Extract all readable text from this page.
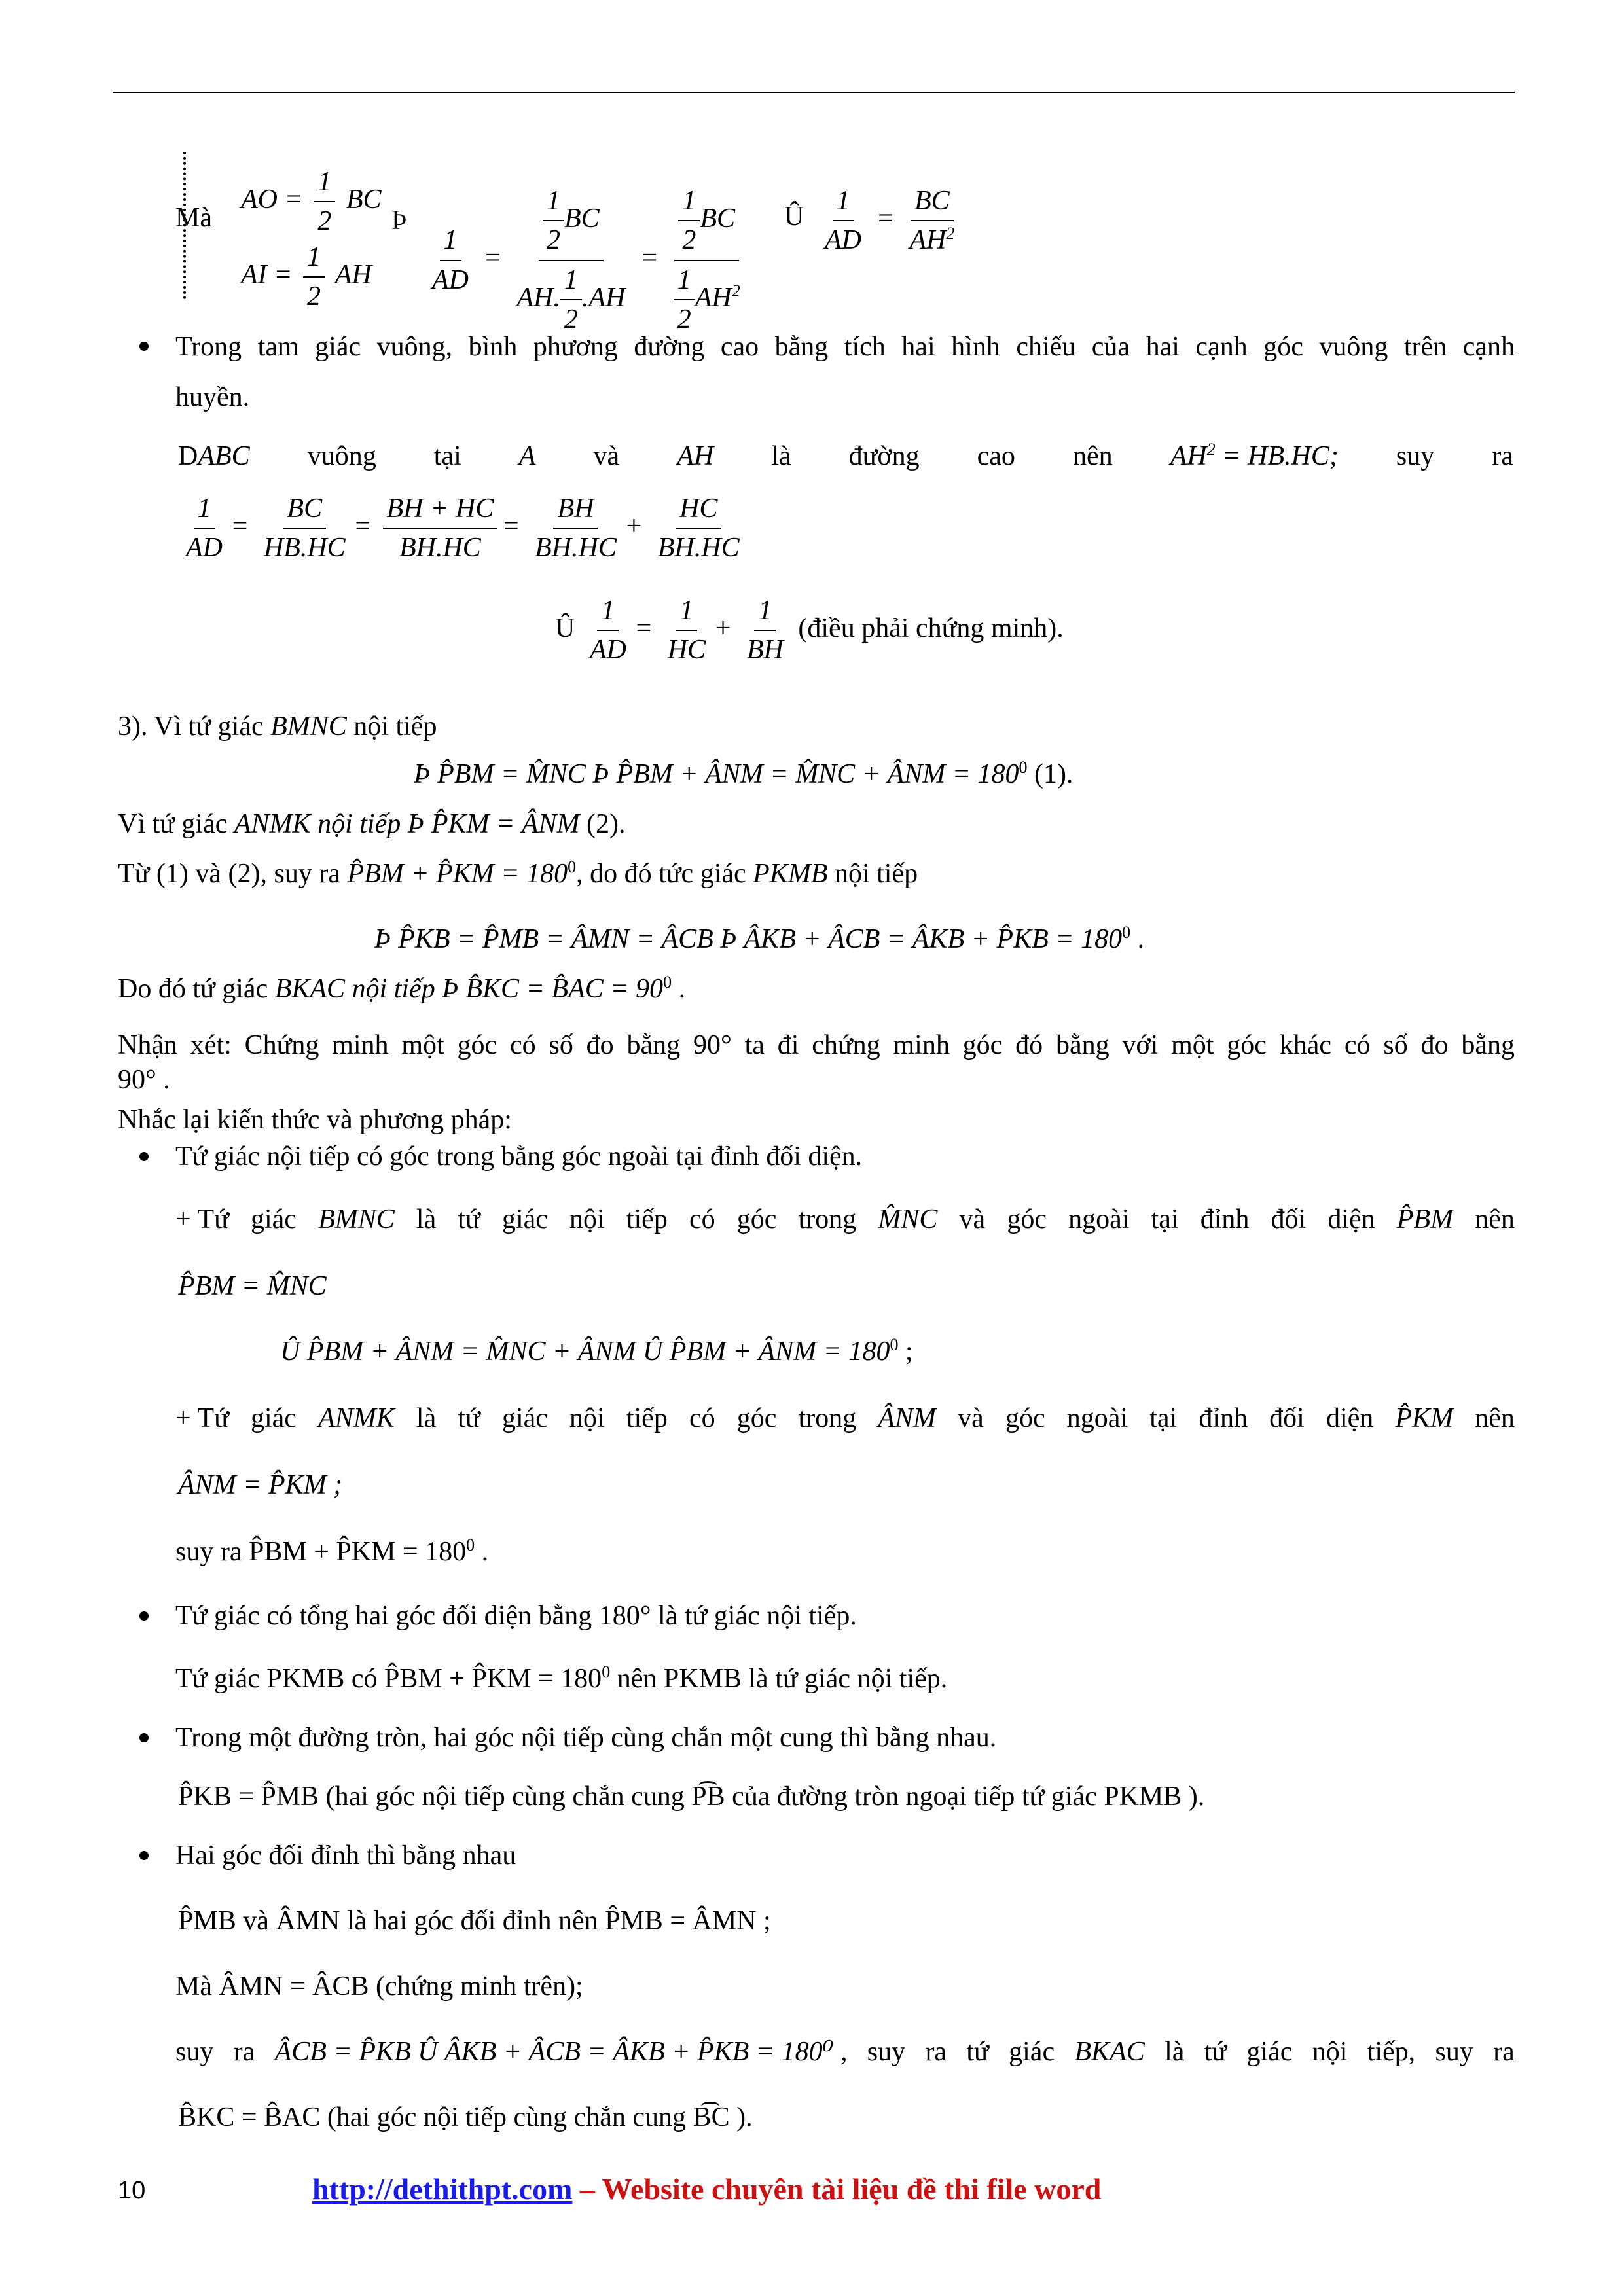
Mà
AO = $\frac{1}{2}$ BC
AI = $\frac{1}{2}$ AH
Þ
$\frac{1}{AD} = \frac{\frac{1}{2} BC}{AH. \frac{1}{2} .AH} = \frac{\frac{1}{2} BC}{\frac{1}{2} AH^2}$ Û $\frac{1}{AD} = \frac{BC}{AH^2}$
Trong tam giác vuông, bình phương đường cao bằng tích hai hình chiếu của hai cạnh góc vuông trên cạnh
huyền.
DABC vuông tại A và AH là đường cao nên $AH^2 = HB.HC$; suy ra
$\frac{1}{AD} = \frac{BC}{HB.HC} = \frac{BH + HC}{BH.HC} = \frac{BH}{BH.HC} + \frac{HC}{BH.HC}$
Û $\frac{1}{AD} = \frac{1}{HC} + \frac{1}{BH}$ (điều phải chứng minh).
3). Vì tứ giác BMNC nội tiếp
Þ P̂BM = M̂NC Þ P̂BM + ÂNM = M̂NC + ÂNM = $180^0$ (1).
Vì tứ giác ANMK nội tiếp Þ P̂KM = ÂNM (2).
Từ (1) và (2), suy ra P̂BM + P̂KM = $180^0$, do đó tức giác PKMB nội tiếp
Þ P̂KB = P̂MB = ÂMN = ÂCB Þ ÂKB + ÂCB = ÂKB + P̂KB = $180^0$ .
Do đó tứ giác BKAC nội tiếp Þ B̂KC = B̂AC = $90^0$ .
Nhận xét: Chứng minh một góc có số đo bằng 90° ta đi chứng minh góc đó bằng với một góc khác có số đo bằng
90° .
Nhắc lại kiến thức và phương pháp:
Tứ giác nội tiếp có góc trong bằng góc ngoài tại đỉnh đối diện.
+ Tứ giác BMNC là tứ giác nội tiếp có góc trong M̂NC và góc ngoài tại đỉnh đối diện P̂BM nên
P̂BM = M̂NC
Û P̂BM + ÂNM = M̂NC + ÂNM Û P̂BM + ÂNM = $180^0$ ;
+ Tứ giác ANMK là tứ giác nội tiếp có góc trong ÂNM và góc ngoài tại đỉnh đối diện P̂KM nên
ÂNM = P̂KM ;
suy ra P̂BM + P̂KM = $180^0$ .
Tứ giác có tổng hai góc đối diện bằng 180° là tứ giác nội tiếp.
Tứ giác PKMB có P̂BM + P̂KM = $180^0$ nên PKMB là tứ giác nội tiếp.
Trong một đường tròn, hai góc nội tiếp cùng chắn một cung thì bằng nhau.
P̂KB = P̂MB (hai góc nội tiếp cùng chắn cung P͡B của đường tròn ngoại tiếp tứ giác PKMB ).
Hai góc đối đỉnh thì bằng nhau
P̂MB và ÂMN là hai góc đối đỉnh nên P̂MB = ÂMN ;
Mà ÂMN = ÂCB (chứng minh trên);
suy ra ÂCB = P̂KB Û ÂKB + ÂCB = ÂKB + P̂KB = 180⁰ , suy ra tứ giác BKAC là tứ giác nội tiếp, suy ra
B̂KC = B̂AC (hai góc nội tiếp cùng chắn cung B͡C ).
10	http://dethithpt.com – Website chuyên tài liệu đề thi file word
